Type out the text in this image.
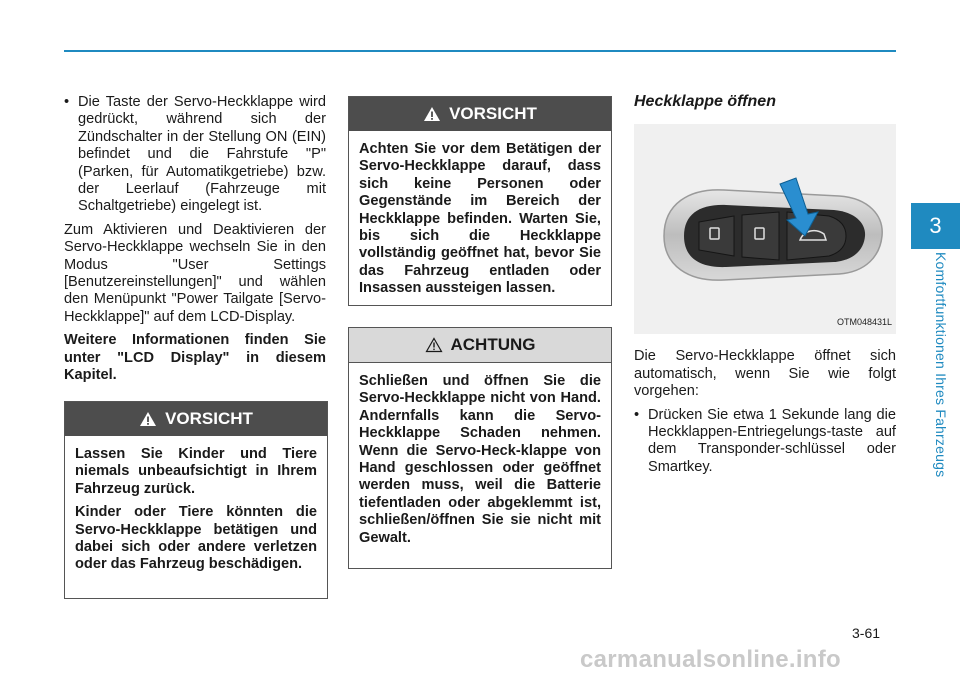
• Die Taste der Servo-Heckklappe wird gedrückt, während sich der Zündschalter in der Stellung ON (EIN) befindet und die Fahrstufe "P" (Parken, für Automatikgetriebe) bzw. der Leerlauf (Fahrzeuge mit Schaltgetriebe) eingelegt ist.

Zum Aktivieren und Deaktivieren der Servo-Heckklappe wechseln Sie in den Modus "User Settings [Benutzereinstellungen]" und wählen den Menüpunkt "Power Tailgate [Servo-Heckklappe]" auf dem LCD-Display.

Weitere Informationen finden Sie unter "LCD Display" in diesem Kapitel.

VORSICHT

Lassen Sie Kinder und Tiere niemals unbeaufsichtigt in Ihrem Fahrzeug zurück.

Kinder oder Tiere könnten die Servo-Heckklappe betätigen und dabei sich oder andere verletzen oder das Fahrzeug beschädigen.

VORSICHT

Achten Sie vor dem Betätigen der Servo-Heckklappe darauf, dass sich keine Personen oder Gegenstände im Bereich der Heckklappe befinden. Warten Sie, bis sich die Heckklappe vollständig geöffnet hat, bevor Sie das Fahrzeug entladen oder Insassen aussteigen lassen.

ACHTUNG

Schließen und öffnen Sie die Servo-Heckklappe nicht von Hand. Andernfalls kann die Servo-Heckklappe Schaden nehmen. Wenn die Servo-Heck-klappe von Hand geschlossen oder geöffnet werden muss, weil die Batterie tiefentladen oder abgeklemmt ist, schließen/öffnen Sie sie nicht mit Gewalt.

Heckklappe öffnen
OTM048431L

Die Servo-Heckklappe öffnet sich automatisch, wenn Sie wie folgt vorgehen:

• Drücken Sie etwa 1 Sekunde lang die Heckklappen-Entriegelungs-taste auf dem Transponder-schlüssel oder Smartkey.
3
Komfortfunktionen Ihres Fahrzeugs
3-61
carmanualsonline.info
